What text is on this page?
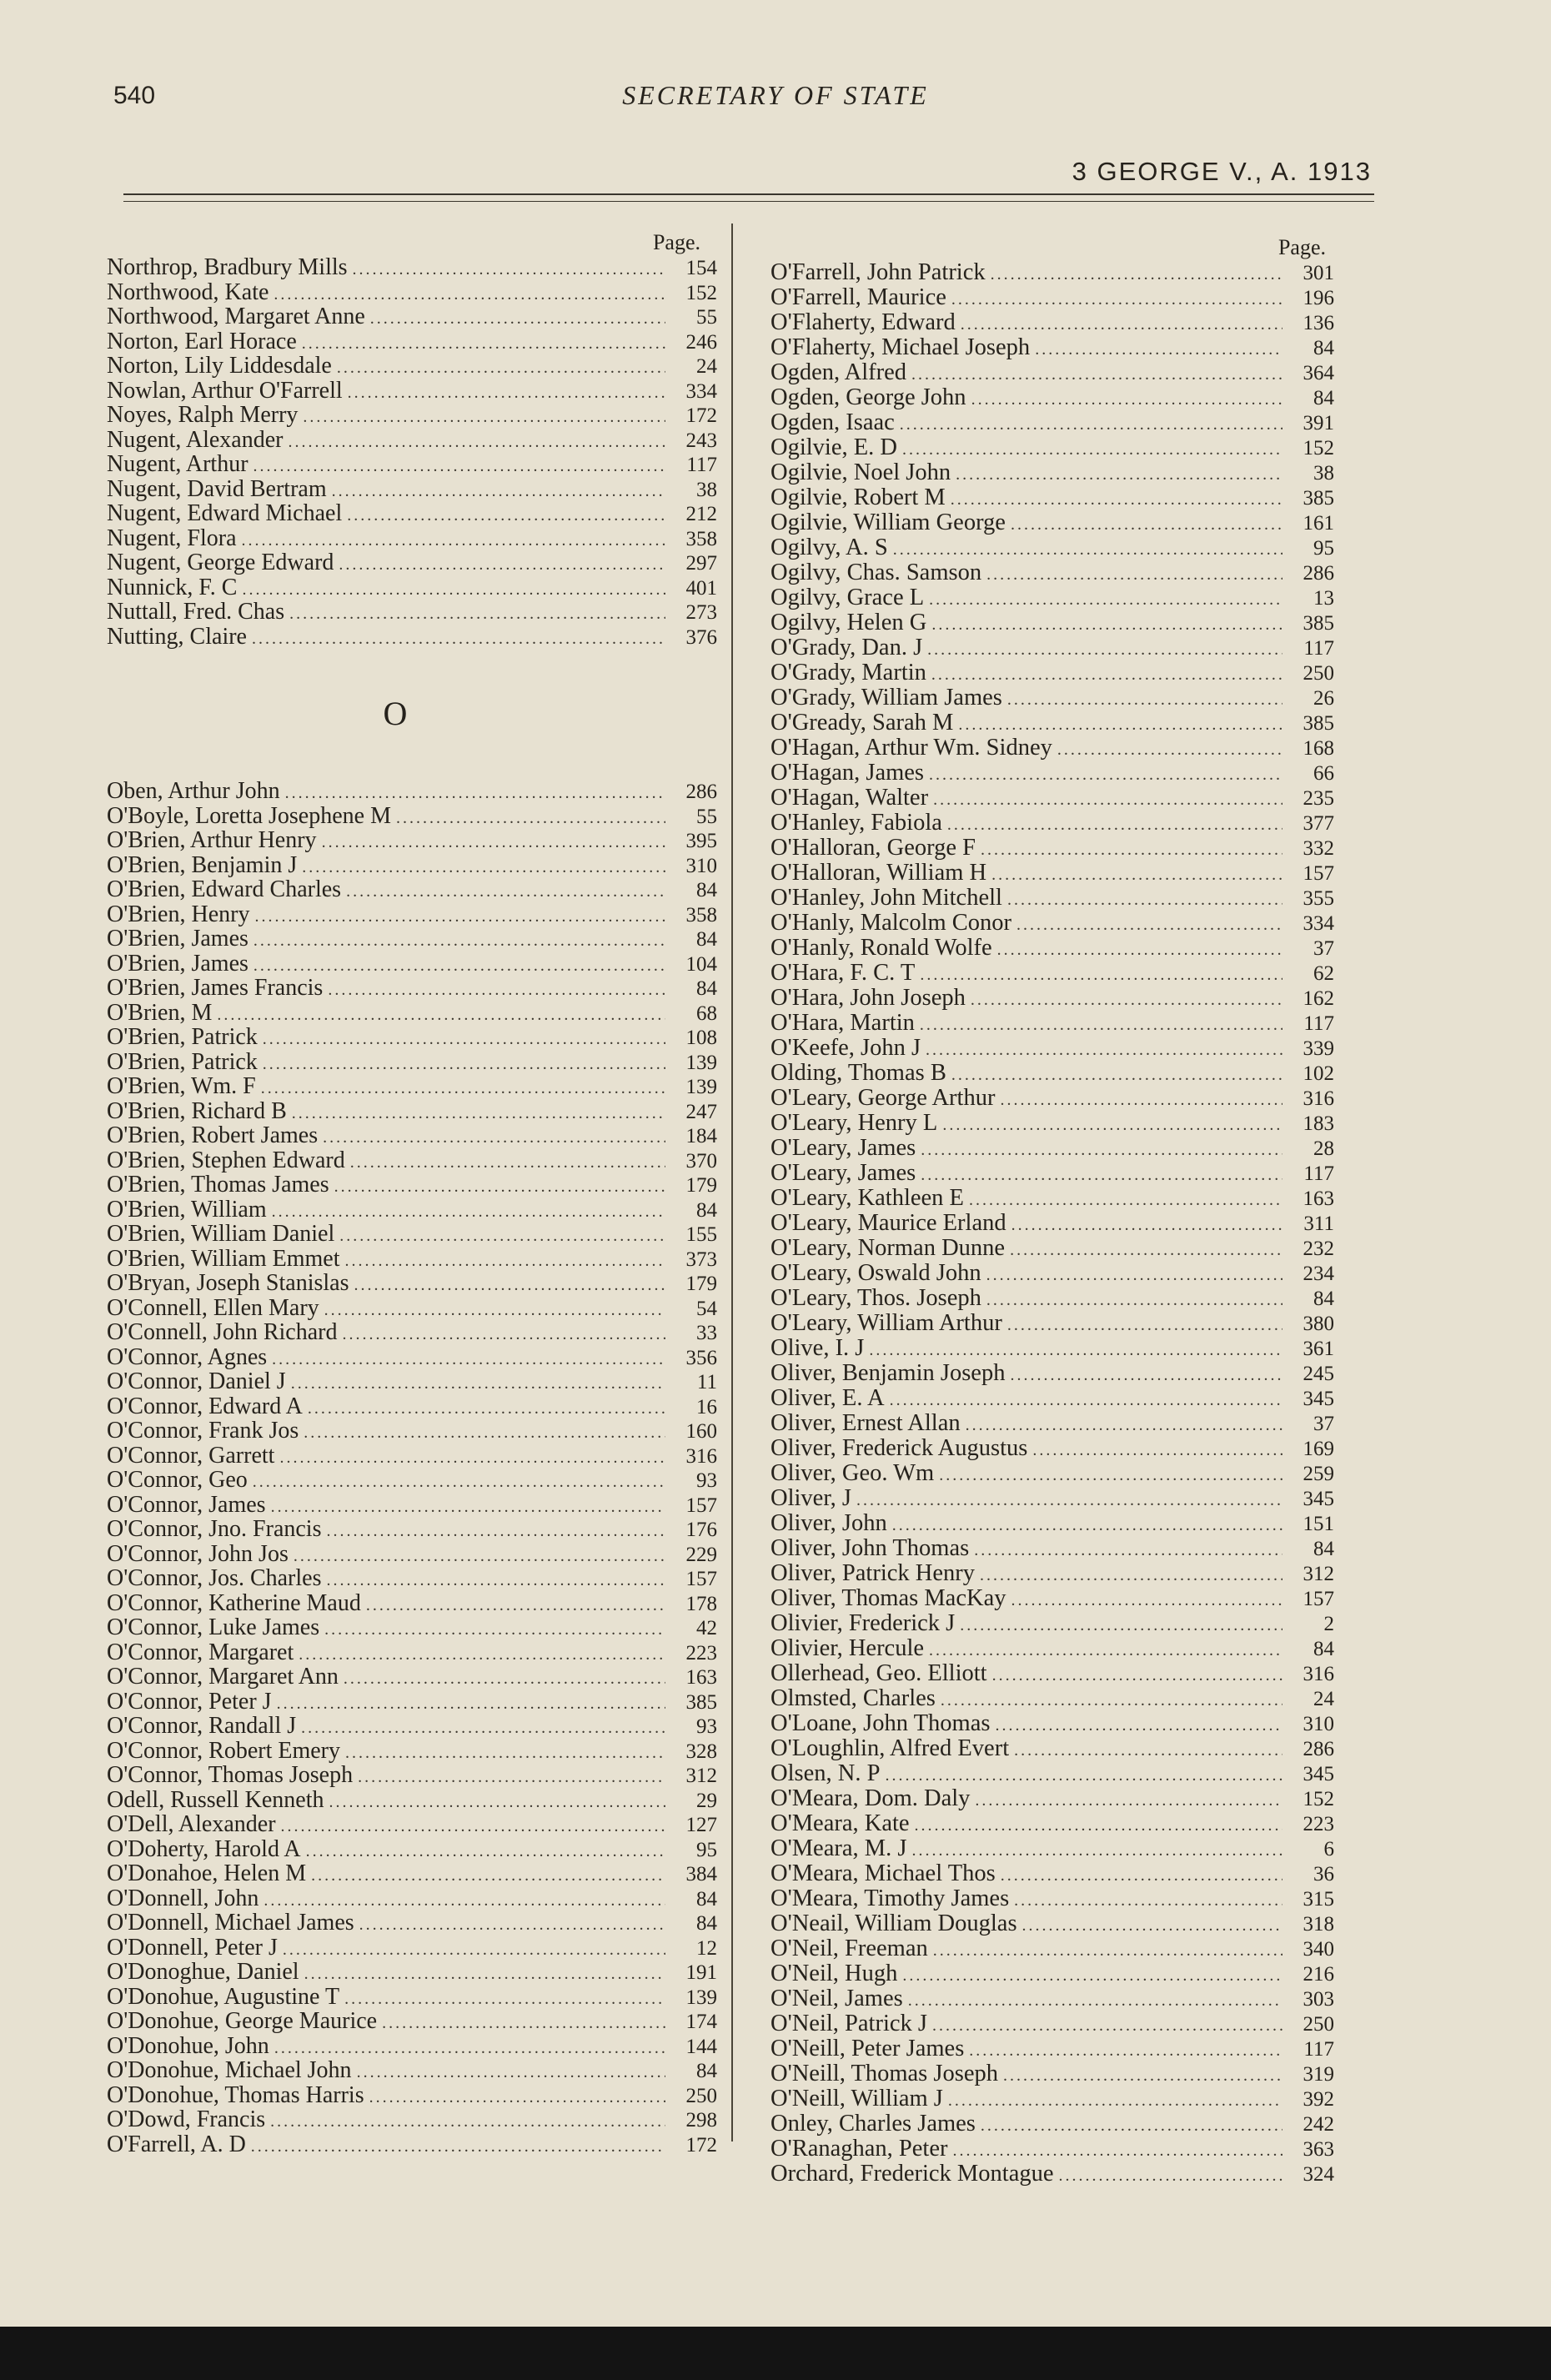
540	SECRETARY OF STATE
3 GEORGE V., A. 1913
Page.
Northrop, Bradbury Mills .....	154
Northwood, Kate .....	152
Northwood, Margaret Anne .....	55
Norton, Earl Horace .....	246
Norton, Lily Liddesdale .....	24
Nowlan, Arthur O'Farrell .....	334
Noyes, Ralph Merry .....	172
Nugent, Alexander .....	243
Nugent, Arthur .....	117
Nugent, David Bertram .....	38
Nugent, Edward Michael .....	212
Nugent, Flora .....	358
Nugent, George Edward .....	297
Nunnick, F. C .....	401
Nuttall, Fred. Chas .....	273
Nutting, Claire .....	376
O
Oben, Arthur John .....	286
O'Boyle, Loretta Josephene M .....	55
O'Brien, Arthur Henry .....	395
O'Brien, Benjamin J .....	310
O'Brien, Edward Charles .....	84
O'Brien, Henry .....	358
O'Brien, James .....	84
O'Brien, James .....	104
O'Brien, James Francis .....	84
O'Brien, M .....	68
O'Brien, Patrick .....	108
O'Brien, Patrick .....	139
O'Brien, Wm. F .....	139
O'Brien, Richard B .....	247
O'Brien, Robert James .....	184
O'Brien, Stephen Edward .....	370
O'Brien, Thomas James .....	179
O'Brien, William .....	84
O'Brien, William Daniel .....	155
O'Brien, William Emmet .....	373
O'Bryan, Joseph Stanislas .....	179
O'Connell, Ellen Mary .....	54
O'Connell, John Richard .....	33
O'Connor, Agnes .....	356
O'Connor, Daniel J .....	11
O'Connor, Edward A .....	16
O'Connor, Frank Jos .....	160
O'Connor, Garrett .....	316
O'Connor, Geo .....	93
O'Connor, James .....	157
O'Connor, Jno. Francis .....	176
O'Connor, John Jos .....	229
O'Connor, Jos. Charles .....	157
O'Connor, Katherine Maud .....	178
O'Connor, Luke James .....	42
O'Connor, Margaret .....	223
O'Connor, Margaret Ann .....	163
O'Connor, Peter J .....	385
O'Connor, Randall J .....	93
O'Connor, Robert Emery .....	328
O'Connor, Thomas Joseph .....	312
Odell, Russell Kenneth .....	29
O'Dell, Alexander .....	127
O'Doherty, Harold A .....	95
O'Donahoe, Helen M .....	384
O'Donnell, John .....	84
O'Donnell, Michael James .....	84
O'Donnell, Peter J .....	12
O'Donoghue, Daniel .....	191
O'Donohue, Augustine T .....	139
O'Donohue, George Maurice .....	174
O'Donohue, John .....	144
O'Donohue, Michael John .....	84
O'Donohue, Thomas Harris .....	250
O'Dowd, Francis .....	298
O'Farrell, A. D .....	172
Page.
O'Farrell, John Patrick .....	301
O'Farrell, Maurice .....	196
O'Flaherty, Edward .....	136
O'Flaherty, Michael Joseph .....	84
Ogden, Alfred .....	364
Ogden, George John .....	84
Ogden, Isaac .....	391
Ogilvie, E. D .....	152
Ogilvie, Noel John .....	38
Ogilvie, Robert M .....	385
Ogilvie, William George .....	161
Ogilvy, A. S .....	95
Ogilvy, Chas. Samson .....	286
Ogilvy, Grace L .....	13
Ogilvy, Helen G .....	385
O'Grady, Dan. J .....	117
O'Grady, Martin .....	250
O'Grady, William James .....	26
O'Gready, Sarah M .....	385
O'Hagan, Arthur Wm. Sidney .....	168
O'Hagan, James .....	66
O'Hagan, Walter .....	235
O'Hanley, Fabiola .....	377
O'Halloran, George F .....	332
O'Halloran, William H .....	157
O'Hanley, John Mitchell .....	355
O'Hanly, Malcolm Conor .....	334
O'Hanly, Ronald Wolfe .....	37
O'Hara, F. C. T .....	62
O'Hara, John Joseph .....	162
O'Hara, Martin .....	117
O'Keefe, John J .....	339
Olding, Thomas B .....	102
O'Leary, George Arthur .....	316
O'Leary, Henry L .....	183
O'Leary, James .....	28
O'Leary, James .....	117
O'Leary, Kathleen E .....	163
O'Leary, Maurice Erland .....	311
O'Leary, Norman Dunne .....	232
O'Leary, Oswald John .....	234
O'Leary, Thos. Joseph .....	84
O'Leary, William Arthur .....	380
Olive, I. J .....	361
Oliver, Benjamin Joseph .....	245
Oliver, E. A .....	345
Oliver, Ernest Allan .....	37
Oliver, Frederick Augustus .....	169
Oliver, Geo. Wm .....	259
Oliver, J .....	345
Oliver, John .....	151
Oliver, John Thomas .....	84
Oliver, Patrick Henry .....	312
Oliver, Thomas MacKay .....	157
Olivier, Frederick J .....	2
Olivier, Hercule .....	84
Ollerhead, Geo. Elliott .....	316
Olmsted, Charles .....	24
O'Loane, John Thomas .....	310
O'Loughlin, Alfred Evert .....	286
Olsen, N. P .....	345
O'Meara, Dom. Daly .....	152
O'Meara, Kate .....	223
O'Meara, M. J .....	6
O'Meara, Michael Thos .....	36
O'Meara, Timothy James .....	315
O'Neail, William Douglas .....	318
O'Neil, Freeman .....	340
O'Neil, Hugh .....	216
O'Neil, James .....	303
O'Neil, Patrick J .....	250
O'Neill, Peter James .....	117
O'Neill, Thomas Joseph .....	319
O'Neill, William J .....	392
Onley, Charles James .....	242
O'Ranaghan, Peter .....	363
Orchard, Frederick Montague .....	324
